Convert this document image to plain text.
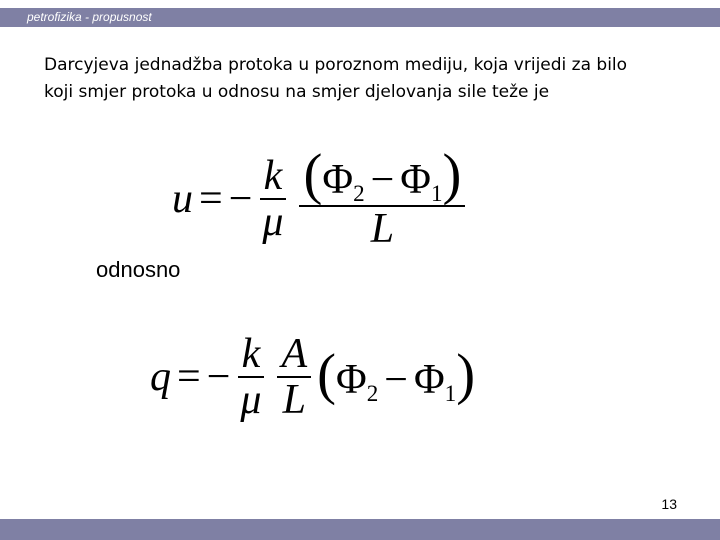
petrofizika - propusnost
Darcyjeva jednadžba protoka u poroznom mediju, koja vrijedi za bilo koji smjer protoka u odnosu na smjer djelovanja sile teže je
u = − $\frac{k}{\mu} \frac{(\Phi_2 - \Phi_1)}{L}$
odnosno
q = − $\frac{k}{\mu} \frac{A}{L} (\Phi_2 - \Phi_1)$
13
